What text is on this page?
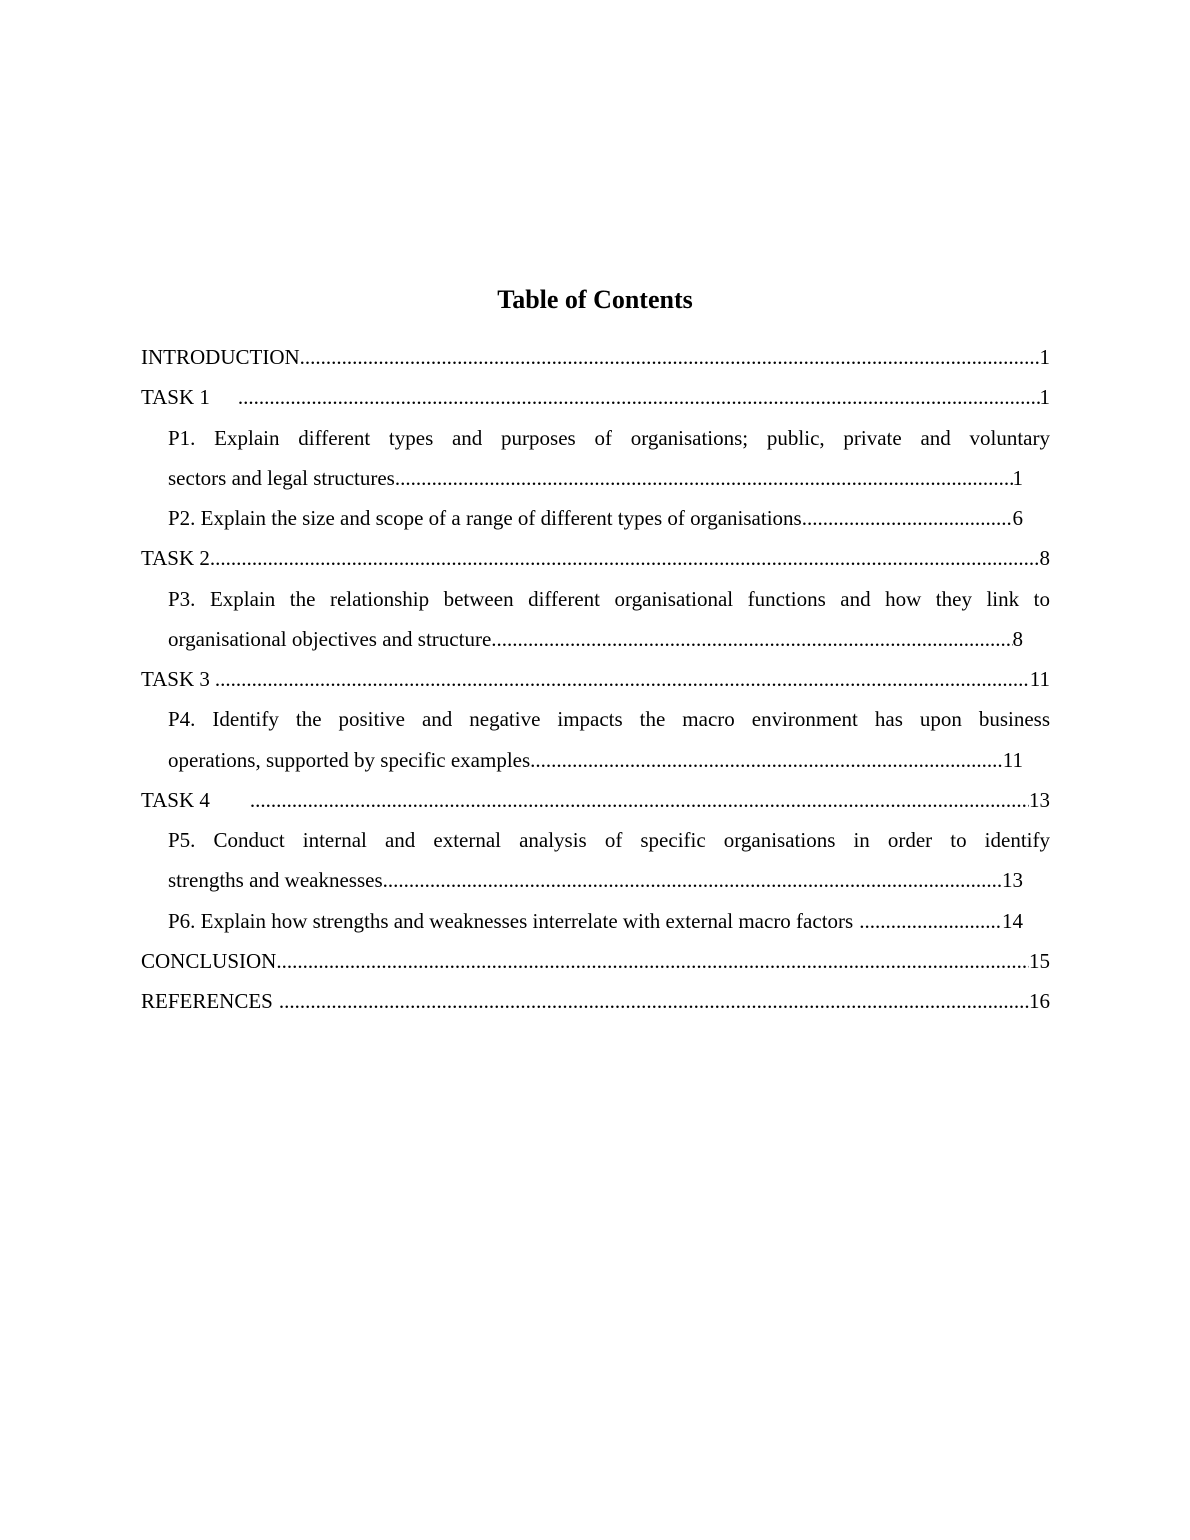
Table of Contents
INTRODUCTION .....	1
TASK 1 .....	1
P1. Explain different types and purposes of organisations; public, private and voluntary
sectors and legal structures .....	1
P2. Explain the size and scope of a range of different types of organisations .....	6
TASK 2 .....	8
P3. Explain the relationship between different organisational functions and how they link to
organisational objectives and structure .....	8
TASK 3 .....	11
P4. Identify the positive and negative impacts the macro environment has upon business
operations, supported by specific examples .....	11
TASK 4 .....	13
P5. Conduct internal and external analysis of specific organisations in order to identify
strengths and weaknesses .....	13
P6. Explain how strengths and weaknesses interrelate with external macro factors .....	14
CONCLUSION .....	15
REFERENCES .....	16
